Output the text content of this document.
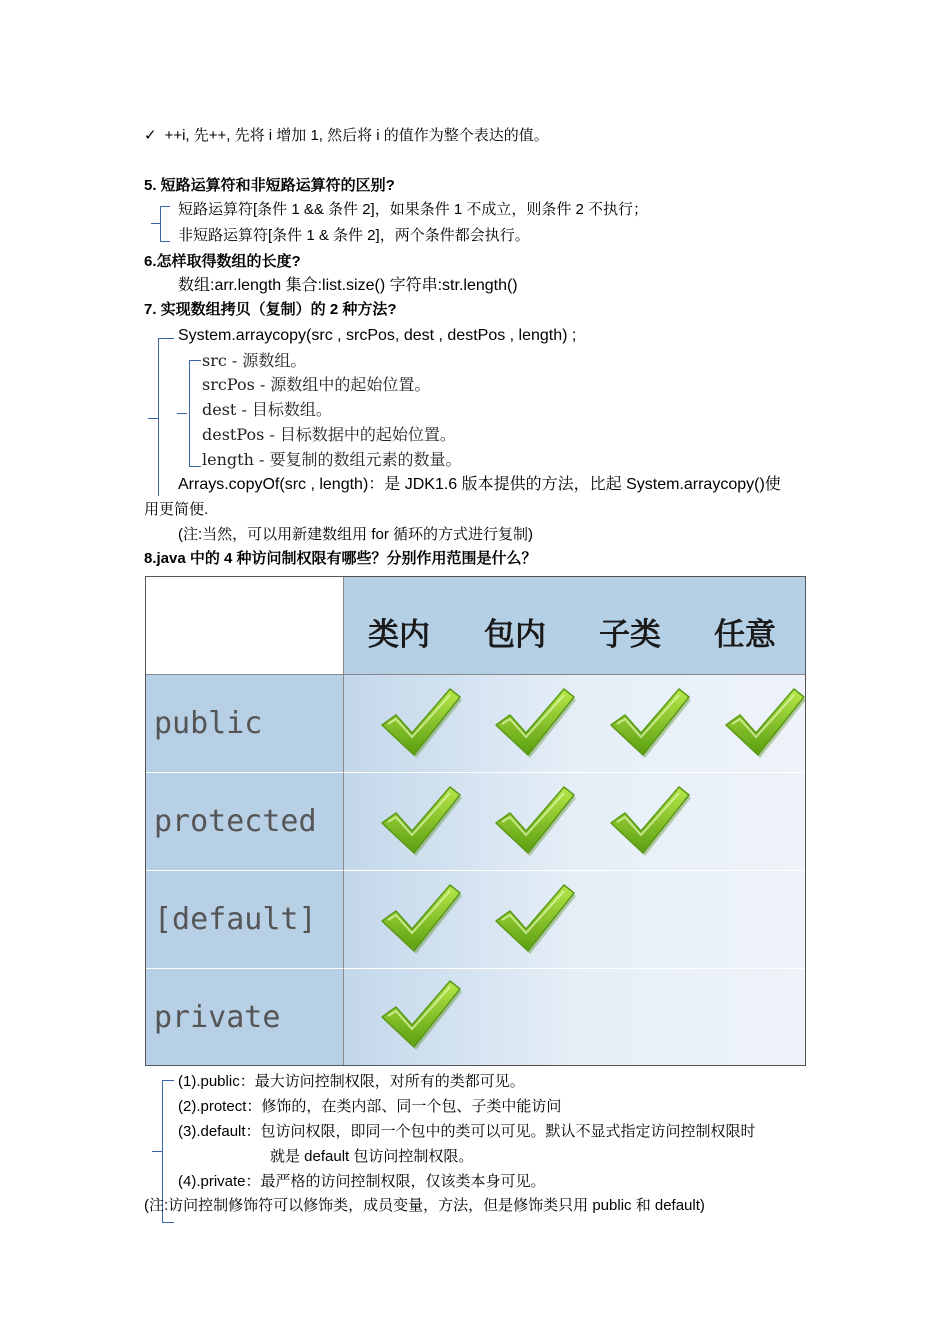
✓ ++i, 先++, 先将 i 增加 1, 然后将 i 的值作为整个表达的值。
5. 短路运算符和非短路运算符的区别?
短路运算符[条件 1 && 条件 2]，如果条件 1 不成立，则条件 2 不执行；
非短路运算符[条件 1 & 条件 2]，两个条件都会执行。
6.怎样取得数组的长度?
数组:arr.length 集合:list.size() 字符串:str.length()
7. 实现数组拷贝（复制）的 2 种方法?
System.arraycopy(src , srcPos, dest , destPos , length) ;
src - 源数组。
srcPos - 源数组中的起始位置。
dest - 目标数组。
destPos - 目标数据中的起始位置。
length - 要复制的数组元素的数量。
Arrays.copyOf(src , length)：是 JDK1.6 版本提供的方法，比起 System.arraycopy()使
用更简便.
(注:当然，可以用新建数组用 for 循环的方式进行复制)
8.java 中的 4 种访问制权限有哪些？分别作用范围是什么？
类内 包内 子类 任意
public
protected
[default]
private
(1).public：最大访问控制权限，对所有的类都可见。
(2).protect：修饰的，在类内部、同一个包、子类中能访问
(3).default：包访问权限，即同一个包中的类可以可见。默认不显式指定访问控制权限时
就是 default 包访问控制权限。
(4).private：最严格的访问控制权限，仅该类本身可见。
(注:访问控制修饰符可以修饰类，成员变量，方法，但是修饰类只用 public 和 default)
